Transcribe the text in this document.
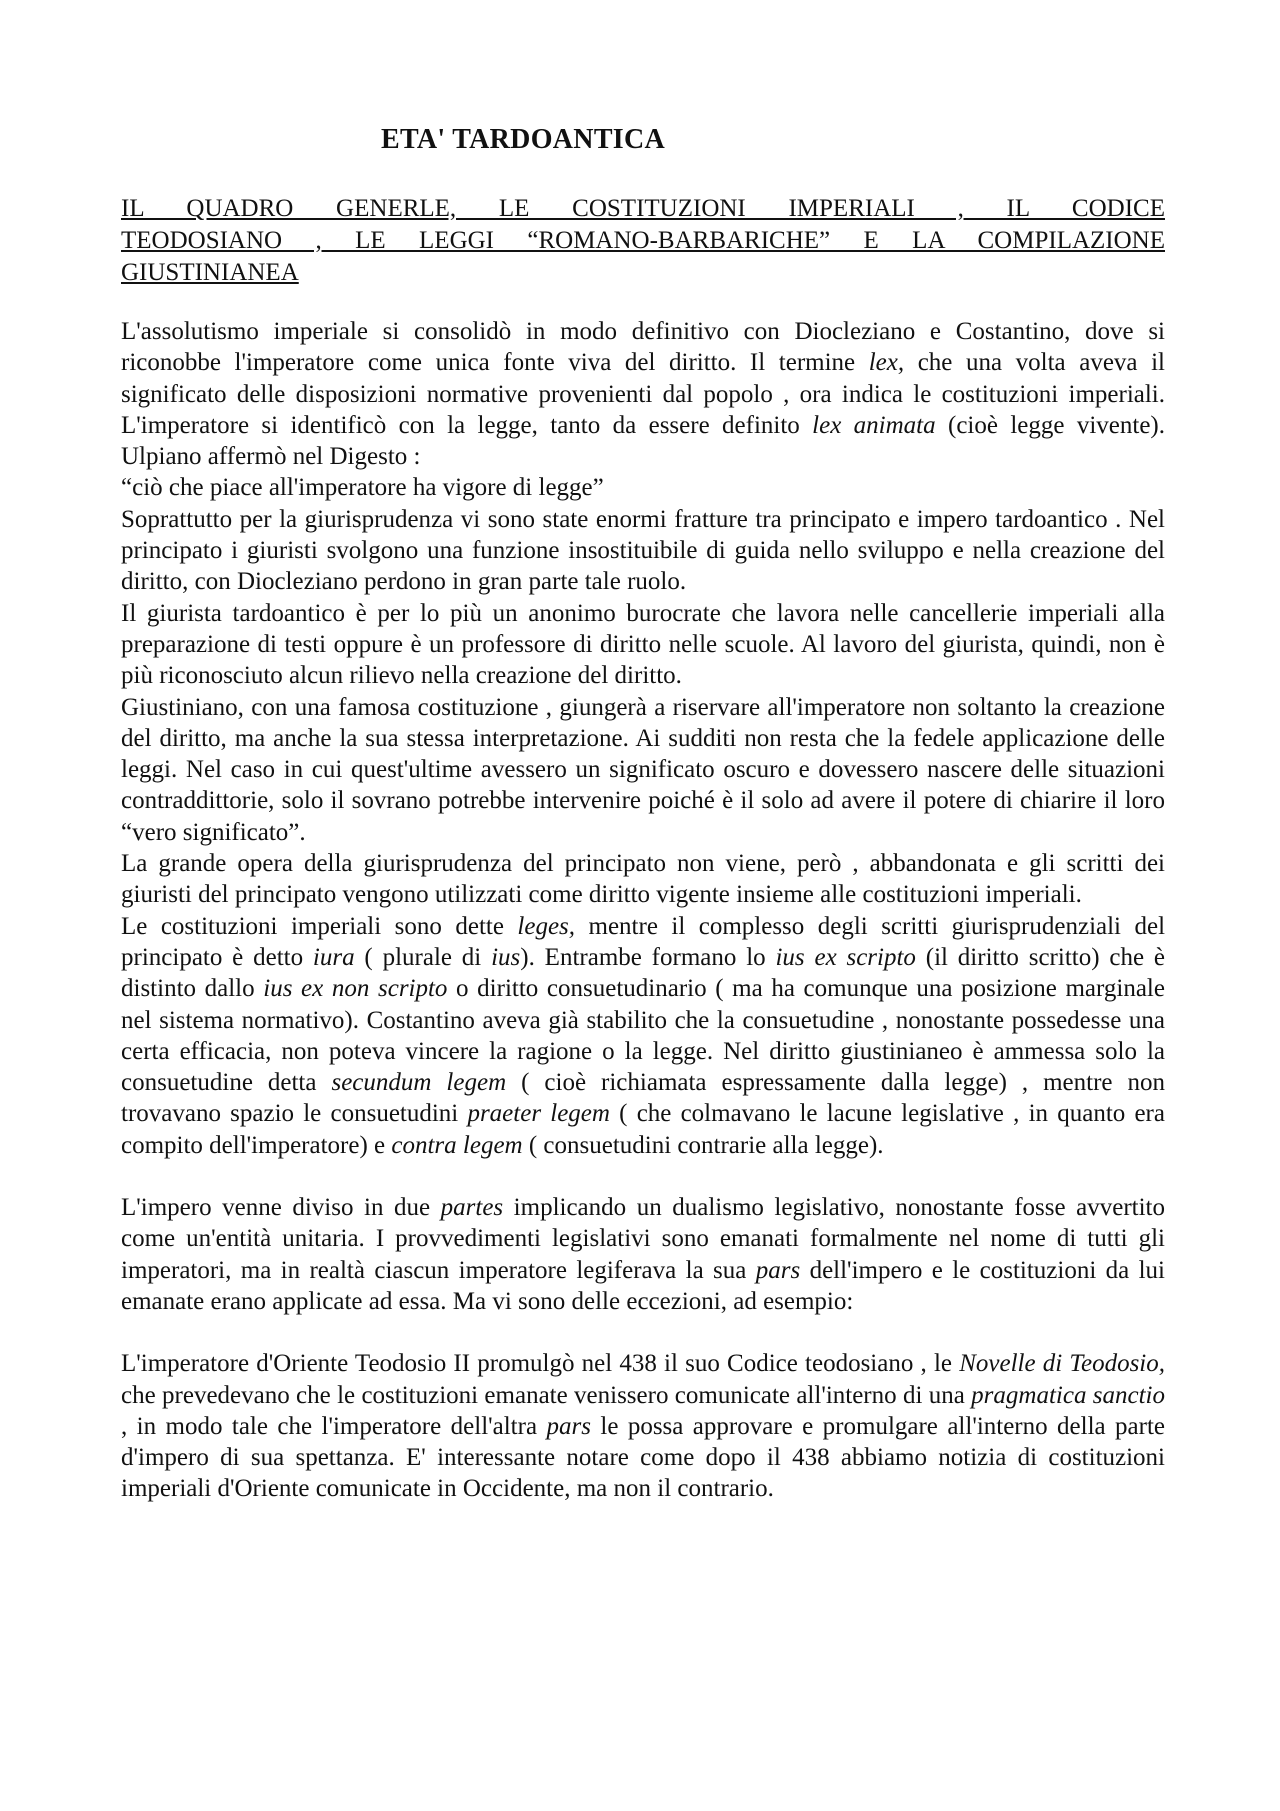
ETA' TARDOANTICA
IL QUADRO GENERLE, LE COSTITUZIONI IMPERIALI , IL CODICE
TEODOSIANO , LE LEGGI “ROMANO-BARBARICHE” E LA COMPILAZIONE
GIUSTINIANEA

L'assolutismo imperiale si consolidò in modo definitivo con Diocleziano e Costantino, dove si riconobbe l'imperatore come unica fonte viva del diritto. Il termine lex, che una volta aveva il significato delle disposizioni normative provenienti dal popolo , ora indica le costituzioni imperiali. L'imperatore si identificò con la legge, tanto da essere definito lex animata (cioè legge vivente). Ulpiano affermò nel Digesto :

“ciò che piace all'imperatore ha vigore di legge”

Soprattutto per la giurisprudenza vi sono state enormi fratture tra principato e impero tardoantico . Nel principato i giuristi svolgono una funzione insostituibile di guida nello sviluppo e nella creazione del diritto, con Diocleziano perdono in gran parte tale ruolo.

Il giurista tardoantico è per lo più un anonimo burocrate che lavora nelle cancellerie imperiali alla preparazione di testi oppure è un professore di diritto nelle scuole. Al lavoro del giurista, quindi, non è più riconosciuto alcun rilievo nella creazione del diritto.

Giustiniano, con una famosa costituzione , giungerà a riservare all'imperatore non soltanto la creazione del diritto, ma anche la sua stessa interpretazione. Ai sudditi non resta che la fedele applicazione delle leggi. Nel caso in cui quest'ultime avessero un significato oscuro e dovessero nascere delle situazioni contraddittorie, solo il sovrano potrebbe intervenire poiché è il solo ad avere il potere di chiarire il loro “vero significato”.

La grande opera della giurisprudenza del principato non viene, però , abbandonata e gli scritti dei giuristi del principato vengono utilizzati come diritto vigente insieme alle costituzioni imperiali.

Le costituzioni imperiali sono dette leges, mentre il complesso degli scritti giurisprudenziali del principato è detto iura ( plurale di ius). Entrambe formano lo ius ex scripto (il diritto scritto) che è distinto dallo ius ex non scripto o diritto consuetudinario ( ma ha comunque una posizione marginale nel sistema normativo). Costantino aveva già stabilito che la consuetudine , nonostante possedesse una certa efficacia, non poteva vincere la ragione o la legge. Nel diritto giustinianeo è ammessa solo la consuetudine detta secundum legem ( cioè richiamata espressamente dalla legge) , mentre non trovavano spazio le consuetudini praeter legem ( che colmavano le lacune legislative , in quanto era compito dell'imperatore) e contra legem ( consuetudini contrarie alla legge).

L'impero venne diviso in due partes implicando un dualismo legislativo, nonostante fosse avvertito come un'entità unitaria. I provvedimenti legislativi sono emanati formalmente nel nome di tutti gli imperatori, ma in realtà ciascun imperatore legiferava la sua pars dell'impero e le costituzioni da lui emanate erano applicate ad essa. Ma vi sono delle eccezioni, ad esempio:

L'imperatore d'Oriente Teodosio II promulgò nel 438 il suo Codice teodosiano , le Novelle di Teodosio, che prevedevano che le costituzioni emanate venissero comunicate all'interno di una pragmatica sanctio , in modo tale che l'imperatore dell'altra pars le possa approvare e promulgare all'interno della parte d'impero di sua spettanza. E' interessante notare come dopo il 438 abbiamo notizia di costituzioni imperiali d'Oriente comunicate in Occidente, ma non il contrario.
